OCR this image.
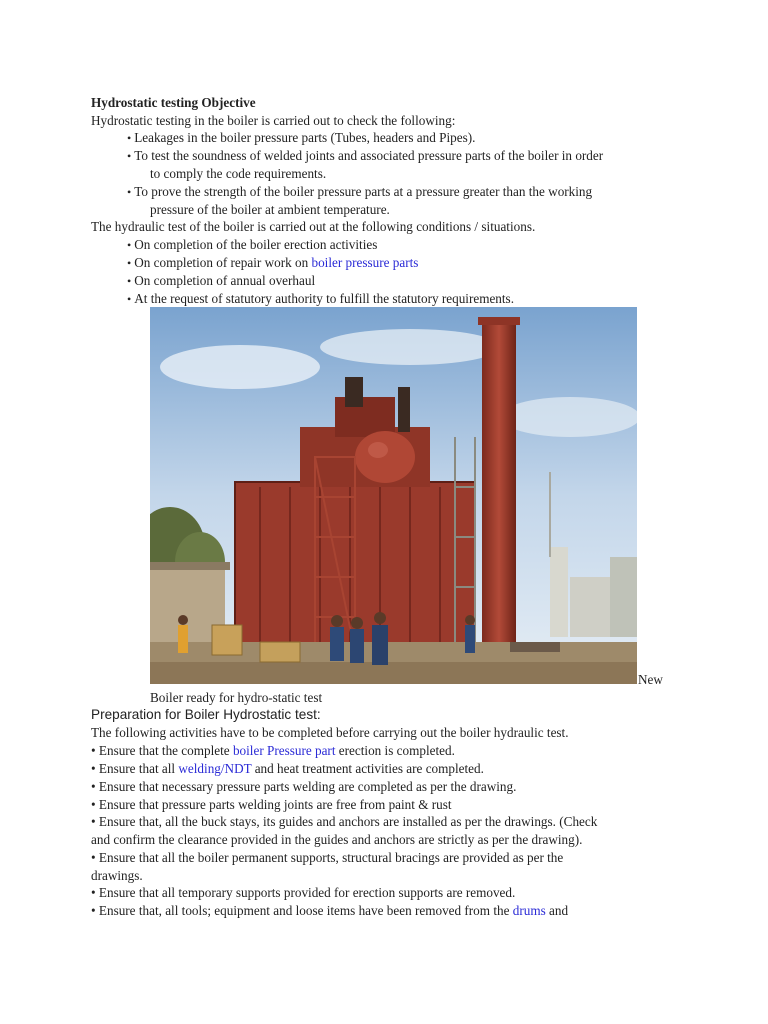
Hydrostatic testing Objective
Hydrostatic testing in the boiler is carried out to check the following:
• Leakages in the boiler pressure parts (Tubes, headers and Pipes).
• To test the soundness of welded joints and associated pressure parts of the boiler in order
to comply the code requirements.
• To prove the strength of the boiler pressure parts at a pressure greater than the working
pressure of the boiler at ambient temperature.
The hydraulic test of the boiler is carried out at the following conditions / situations.
• On completion of the boiler erection activities
• On completion of repair work on boiler pressure parts
• On completion of annual overhaul
• At the request of statutory authority to fulfill the statutory requirements.
New
Boiler ready for hydro-static test
Preparation for Boiler Hydrostatic test:
The following activities have to be completed before carrying out the boiler hydraulic test.
• Ensure that the complete boiler Pressure part erection is completed.
• Ensure that all welding/NDT and heat treatment activities are completed.
• Ensure that necessary pressure parts welding are completed as per the drawing.
• Ensure that pressure parts welding joints are free from paint & rust
• Ensure that, all the buck stays, its guides and anchors are installed as per the drawings. (Check
and confirm the clearance provided in the guides and anchors are strictly as per the drawing).
• Ensure that all the boiler permanent supports, structural bracings are provided as per the
drawings.
• Ensure that all temporary supports provided for erection supports are removed.
• Ensure that, all tools; equipment and loose items have been removed from the drums and
